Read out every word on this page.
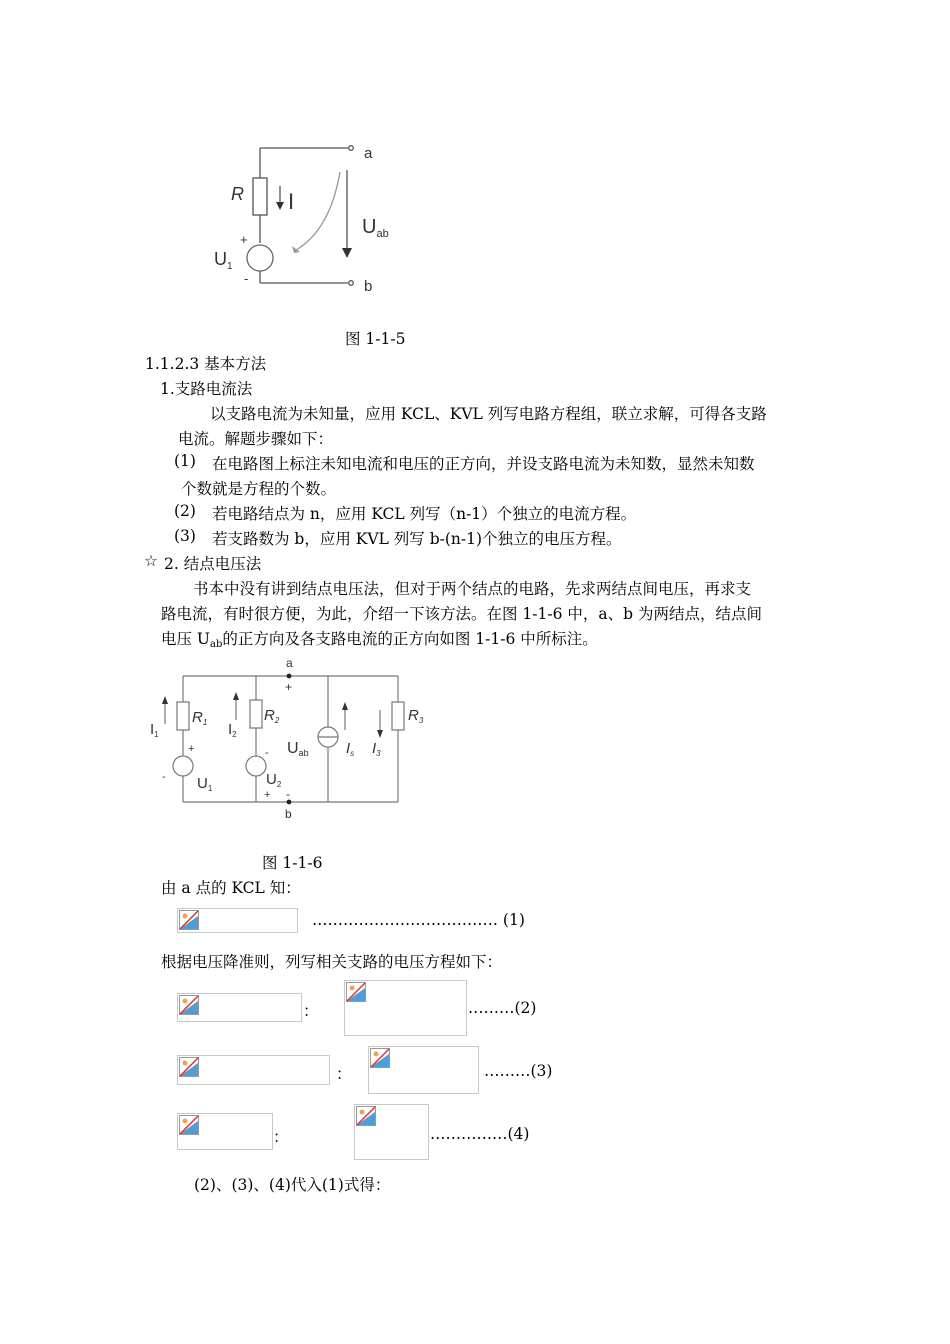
a
b
R I
+
-
$U_1$
$U_{ab}$
图 1-1-5
1.1.2.3 基本方法
1.支路电流法
以支路电流为未知量，应用 KCL、KVL 列写电路方程组，联立求解，可得各支路
电流。解题步骤如下：
(1) 在电路图上标注未知电流和电压的正方向，并设支路电流为未知数，显然未知数
个数就是方程的个数。
(2) 若电路结点为 n，应用 KCL 列写（n-1）个独立的电流方程。
(3) 若支路数为 b，应用 KVL 列写 b-(n-1)个独立的电压方程。
☆ 2. 结点电压法
书本中没有讲到结点电压法，但对于两个结点的电路，先求两结点间电压，再求支
路电流，有时很方便，为此，介绍一下该方法。在图 1-1-6 中，a、b 为两结点，结点间
电压 $U_{ab}$的正方向及各支路电流的正方向如图 1-1-6 中所标注。
a
+
-
b
$I_1$
$R_1$
+
- $U_1$
$I_2$
$R_2$
-
$U_2$
+
Uab $I_s$ $I_3$
$R_3$
图 1-1-6
由 a 点的 KCL 知：
……………………………… (1)
根据电压降准则，列写相关支路的电压方程如下：
：	………(2)
：	………(3)
：	……………(4)
(2)、(3)、(4)代入(1)式得：
